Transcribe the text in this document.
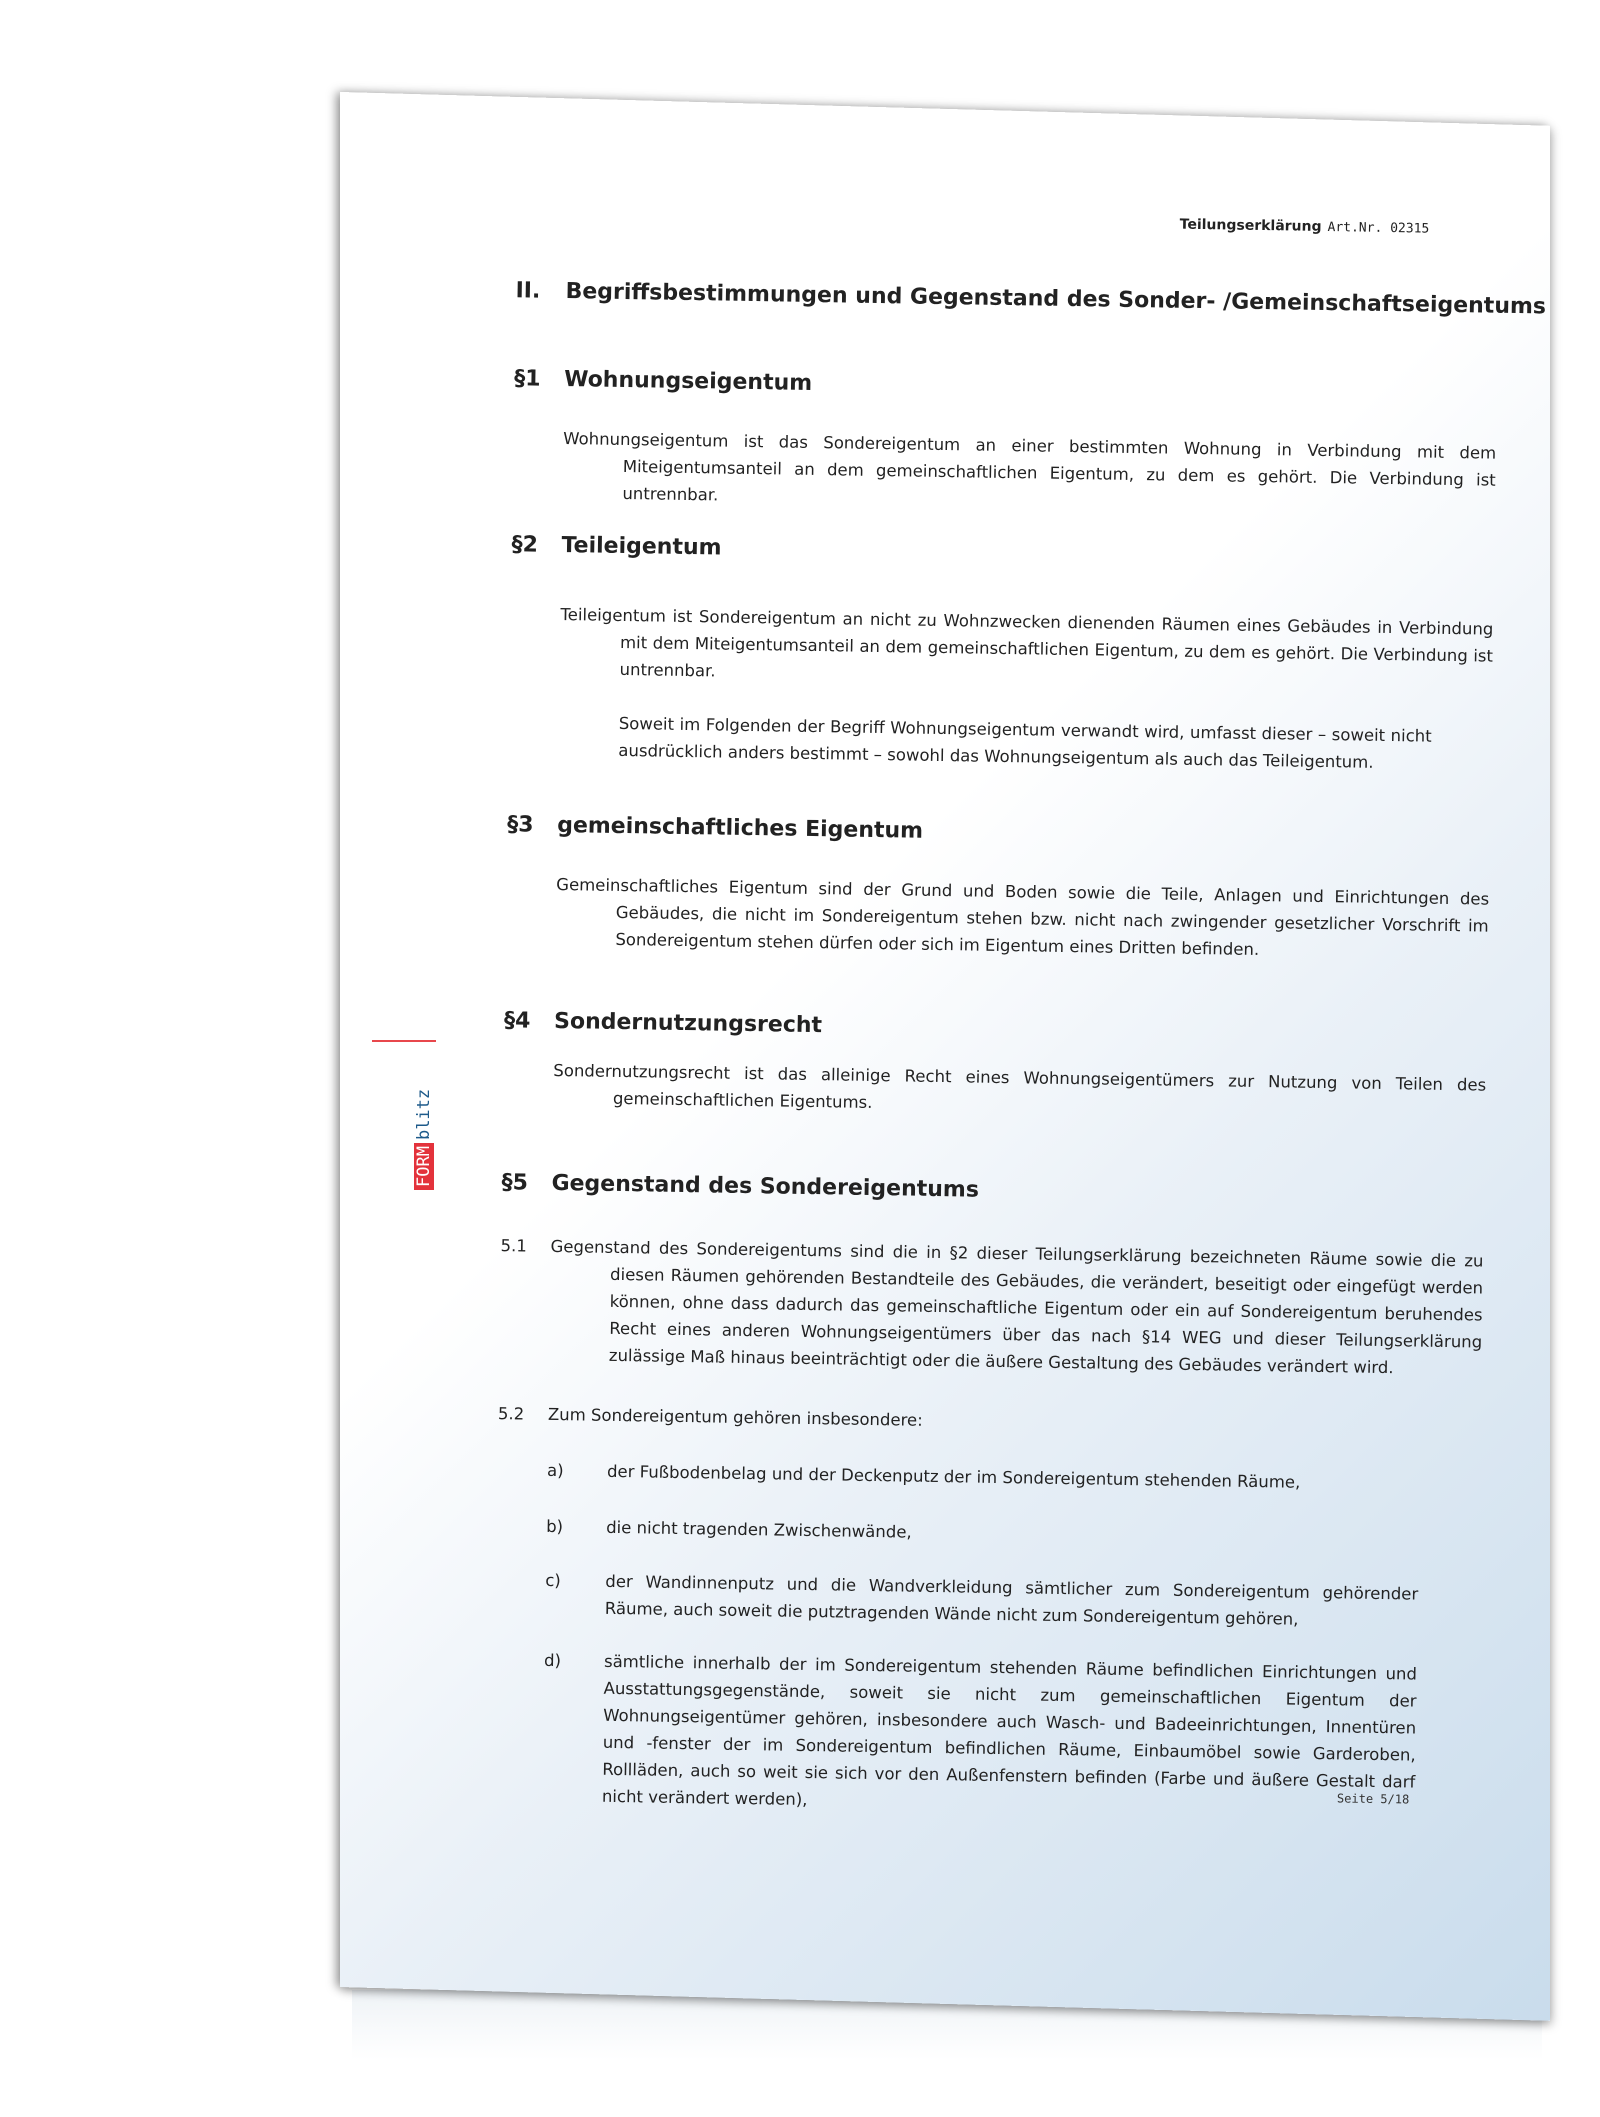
Teilungserklärung Art.Nr. 02315
II. Begriffsbestimmungen und Gegenstand des Sonder- /Gemeinschaftseigentums
§1 Wohnungseigentum
Wohnungseigentum ist das Sondereigentum an einer bestimmten Wohnung in Verbindung mit dem Miteigentumsanteil an dem gemeinschaftlichen Eigentum, zu dem es gehört. Die Verbindung ist untrennbar.
§2 Teileigentum
Teileigentum ist Sondereigentum an nicht zu Wohnzwecken dienenden Räumen eines Gebäudes in Verbindung mit dem Miteigentumsanteil an dem gemeinschaftlichen Eigentum, zu dem es gehört. Die Verbindung ist untrennbar.
Soweit im Folgenden der Begriff Wohnungseigentum verwandt wird, umfasst dieser – soweit nicht ausdrücklich anders bestimmt – sowohl das Wohnungseigentum als auch das Teileigentum.
§3 gemeinschaftliches Eigentum
Gemeinschaftliches Eigentum sind der Grund und Boden sowie die Teile, Anlagen und Einrichtungen des Gebäudes, die nicht im Sondereigentum stehen bzw. nicht nach zwingender gesetzlicher Vorschrift im Sondereigentum stehen dürfen oder sich im Eigentum eines Dritten befinden.
§4 Sondernutzungsrecht
Sondernutzungsrecht ist das alleinige Recht eines Wohnungseigentümers zur Nutzung von Teilen des gemeinschaftlichen Eigentums.
§5 Gegenstand des Sondereigentums
5.1 Gegenstand des Sondereigentums sind die in §2 dieser Teilungserklärung bezeichneten Räume sowie die zu diesen Räumen gehörenden Bestandteile des Gebäudes, die verändert, beseitigt oder eingefügt werden können, ohne dass dadurch das gemeinschaftliche Eigentum oder ein auf Sondereigentum beruhendes Recht eines anderen Wohnungseigentümers über das nach §14 WEG und dieser Teilungserklärung zulässige Maß hinaus beeinträchtigt oder die äußere Gestaltung des Gebäudes verändert wird.
5.2 Zum Sondereigentum gehören insbesondere:
a)	der Fußbodenbelag und der Deckenputz der im Sondereigentum stehenden Räume,
b)	die nicht tragenden Zwischenwände,
c)	der Wandinnenputz und die Wandverkleidung sämtlicher zum Sondereigentum gehörender Räume, auch soweit die putztragenden Wände nicht zum Sondereigentum gehören,
d)	sämtliche innerhalb der im Sondereigentum stehenden Räume befindlichen Einrichtungen und Ausstattungsgegenstände, soweit sie nicht zum gemeinschaftlichen Eigentum der Wohnungseigentümer gehören, insbesondere auch Wasch- und Badeeinrichtungen, Innentüren und -fenster der im Sondereigentum befindlichen Räume, Einbaumöbel sowie Garderoben, Rollläden, auch so weit sie sich vor den Außenfenstern befinden (Farbe und äußere Gestalt darf nicht verändert werden),	Seite 5/18
FORMblitz
